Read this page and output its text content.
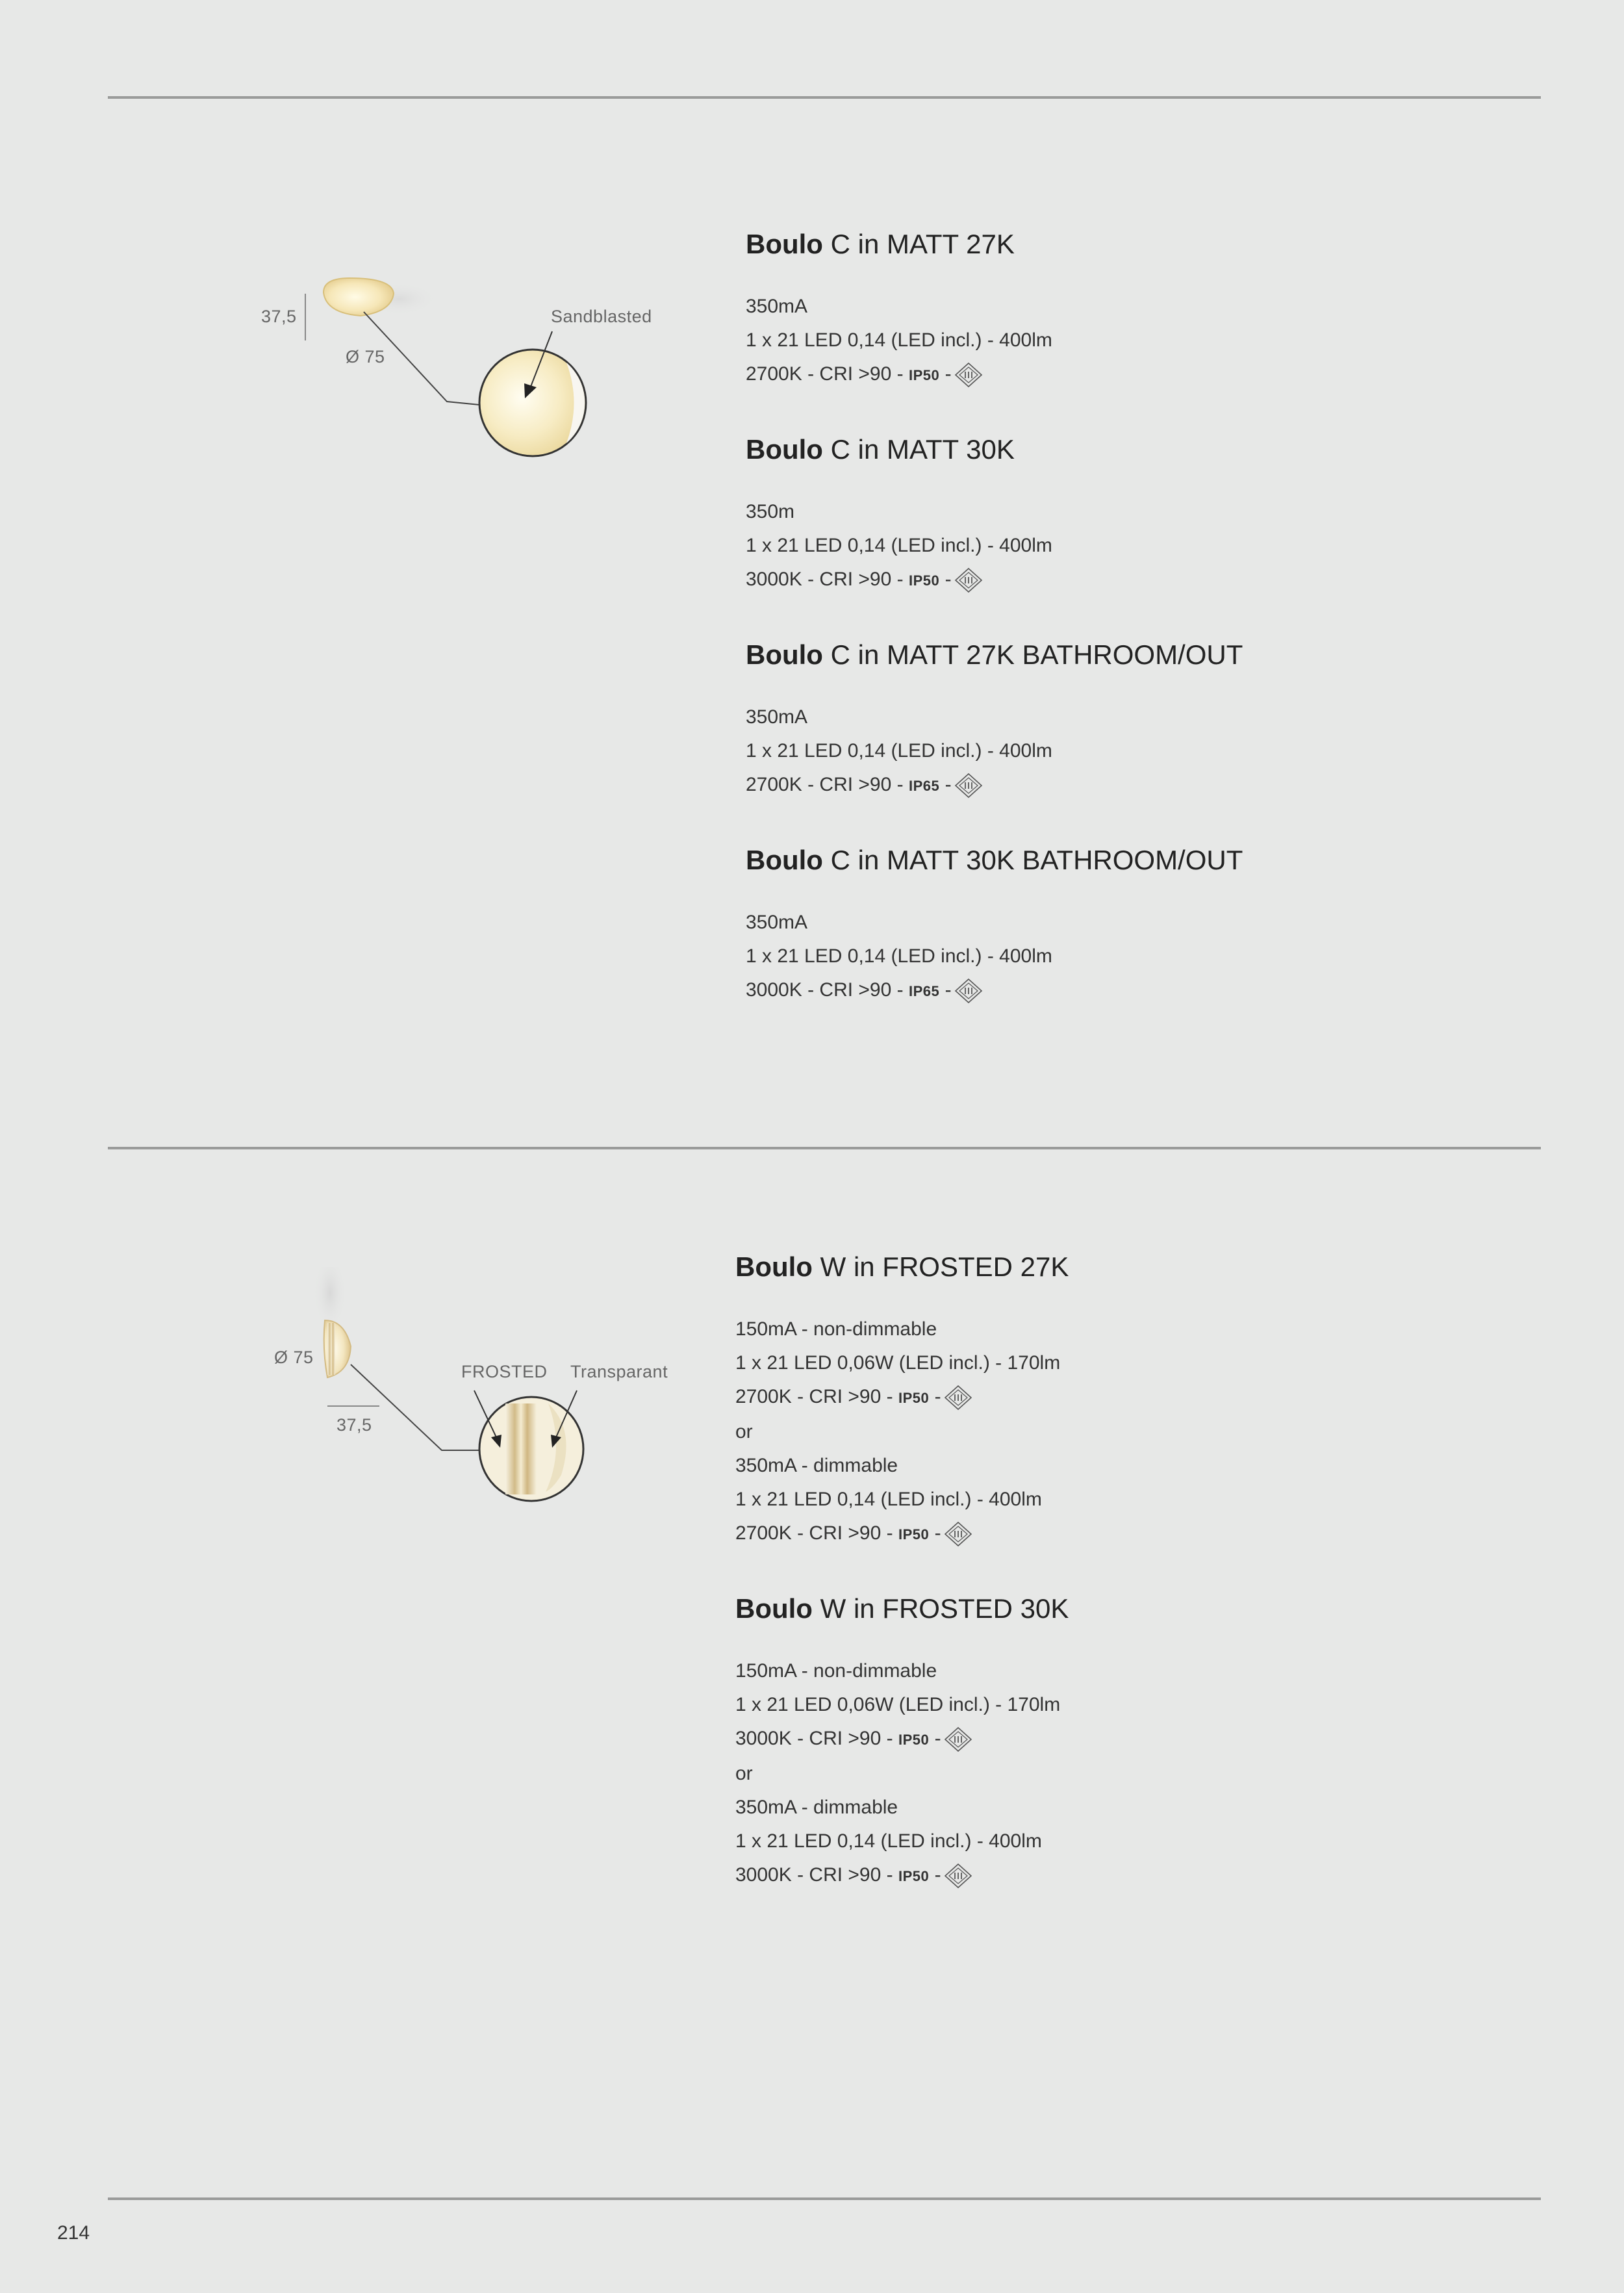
37,5
Ø 75
Sandblasted
Boulo C in MATT 27K
350mA
1 x 21 LED 0,14 (LED incl.) - 400lm
2700K - CRI >90 - IP50 -
Boulo C in MATT 30K
350m
1 x 21 LED 0,14 (LED incl.) - 400lm
3000K - CRI >90 - IP50 -
Boulo C in MATT 27K BATHROOM/OUT
350mA
1 x 21 LED 0,14 (LED incl.) - 400lm
2700K - CRI >90 - IP65 -
Boulo C in MATT 30K BATHROOM/OUT
350mA
1 x 21 LED 0,14 (LED incl.) - 400lm
3000K - CRI >90 - IP65 -
Ø 75
37,5
FROSTED Transparant
Boulo W in FROSTED 27K
150mA - non-dimmable
1 x 21 LED 0,06W (LED incl.) - 170lm
2700K - CRI >90 - IP50 -
or
350mA - dimmable
1 x 21 LED 0,14 (LED incl.) - 400lm
2700K - CRI >90 - IP50 -
Boulo W in FROSTED 30K
150mA - non-dimmable
1 x 21 LED 0,06W (LED incl.) - 170lm
3000K - CRI >90 - IP50 -
or
350mA - dimmable
1 x 21 LED 0,14 (LED incl.) - 400lm
3000K - CRI >90 - IP50 -
214
